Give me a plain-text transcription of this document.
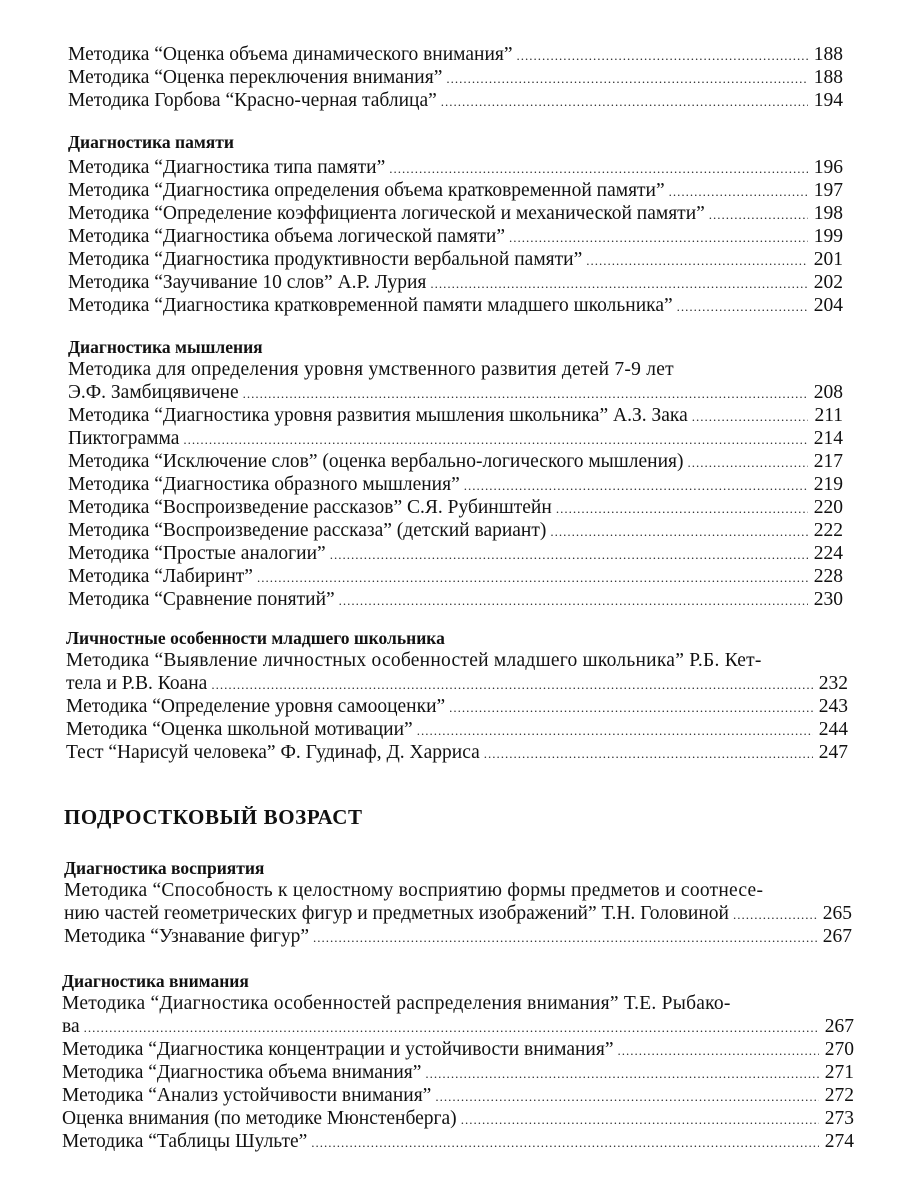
Методика “Оценка объема динамического внимания” .....	188
Методика “Оценка переключения внимания” .....	188
Методика Горбова “Красно-черная таблица” .....	194
Диагностика памяти
Методика “Диагностика типа памяти” .....	196
Методика “Диагностика определения объема кратковременной памяти” .....	197
Методика “Определение коэффициента логической и механической памяти” .....	198
Методика “Диагностика объема логической памяти” .....	199
Методика “Диагностика продуктивности вербальной памяти” .....	201
Методика “Заучивание 10 слов” А.Р. Лурия .....	202
Методика “Диагностика кратковременной памяти младшего школьника” .....	204
Диагностика мышления
Методика для определения уровня умственного развития детей 7-9 лет
Э.Ф. Замбицявичене .....	208
Методика “Диагностика уровня развития мышления школьника” А.З. Зака .....	211
Пиктограмма .....	214
Методика “Исключение слов” (оценка вербально-логического мышления) .....	217
Методика “Диагностика образного мышления” .....	219
Методика “Воспроизведение рассказов” С.Я. Рубинштейн .....	220
Методика “Воспроизведение рассказа” (детский вариант) .....	222
Методика “Простые аналогии” .....	224
Методика “Лабиринт” .....	228
Методика “Сравнение понятий” .....	230
Личностные особенности младшего школьника
Методика “Выявление личностных особенностей младшего школьника” Р.Б. Кет-
тела и Р.В. Коана .....	232
Методика “Определение уровня самооценки” .....	243
Методика “Оценка школьной мотивации” .....	244
Тест “Нарисуй человека” Ф. Гудинаф, Д. Харриса .....	247
ПОДРОСТКОВЫЙ ВОЗРАСТ
Диагностика восприятия
Методика “Способность к целостному восприятию формы предметов и соотнесе-
нию частей геометрических фигур и предметных изображений” Т.Н. Головиной .....	265
Методика “Узнавание фигур” .....	267
Диагностика внимания
Методика “Диагностика особенностей распределения внимания” Т.Е. Рыбако-
ва .....	267
Методика “Диагностика концентрации и устойчивости внимания” .....	270
Методика “Диагностика объема внимания” .....	271
Методика “Анализ устойчивости внимания” .....	272
Оценка внимания (по методике Мюнстенберга) .....	273
Методика “Таблицы Шульте” .....	274
